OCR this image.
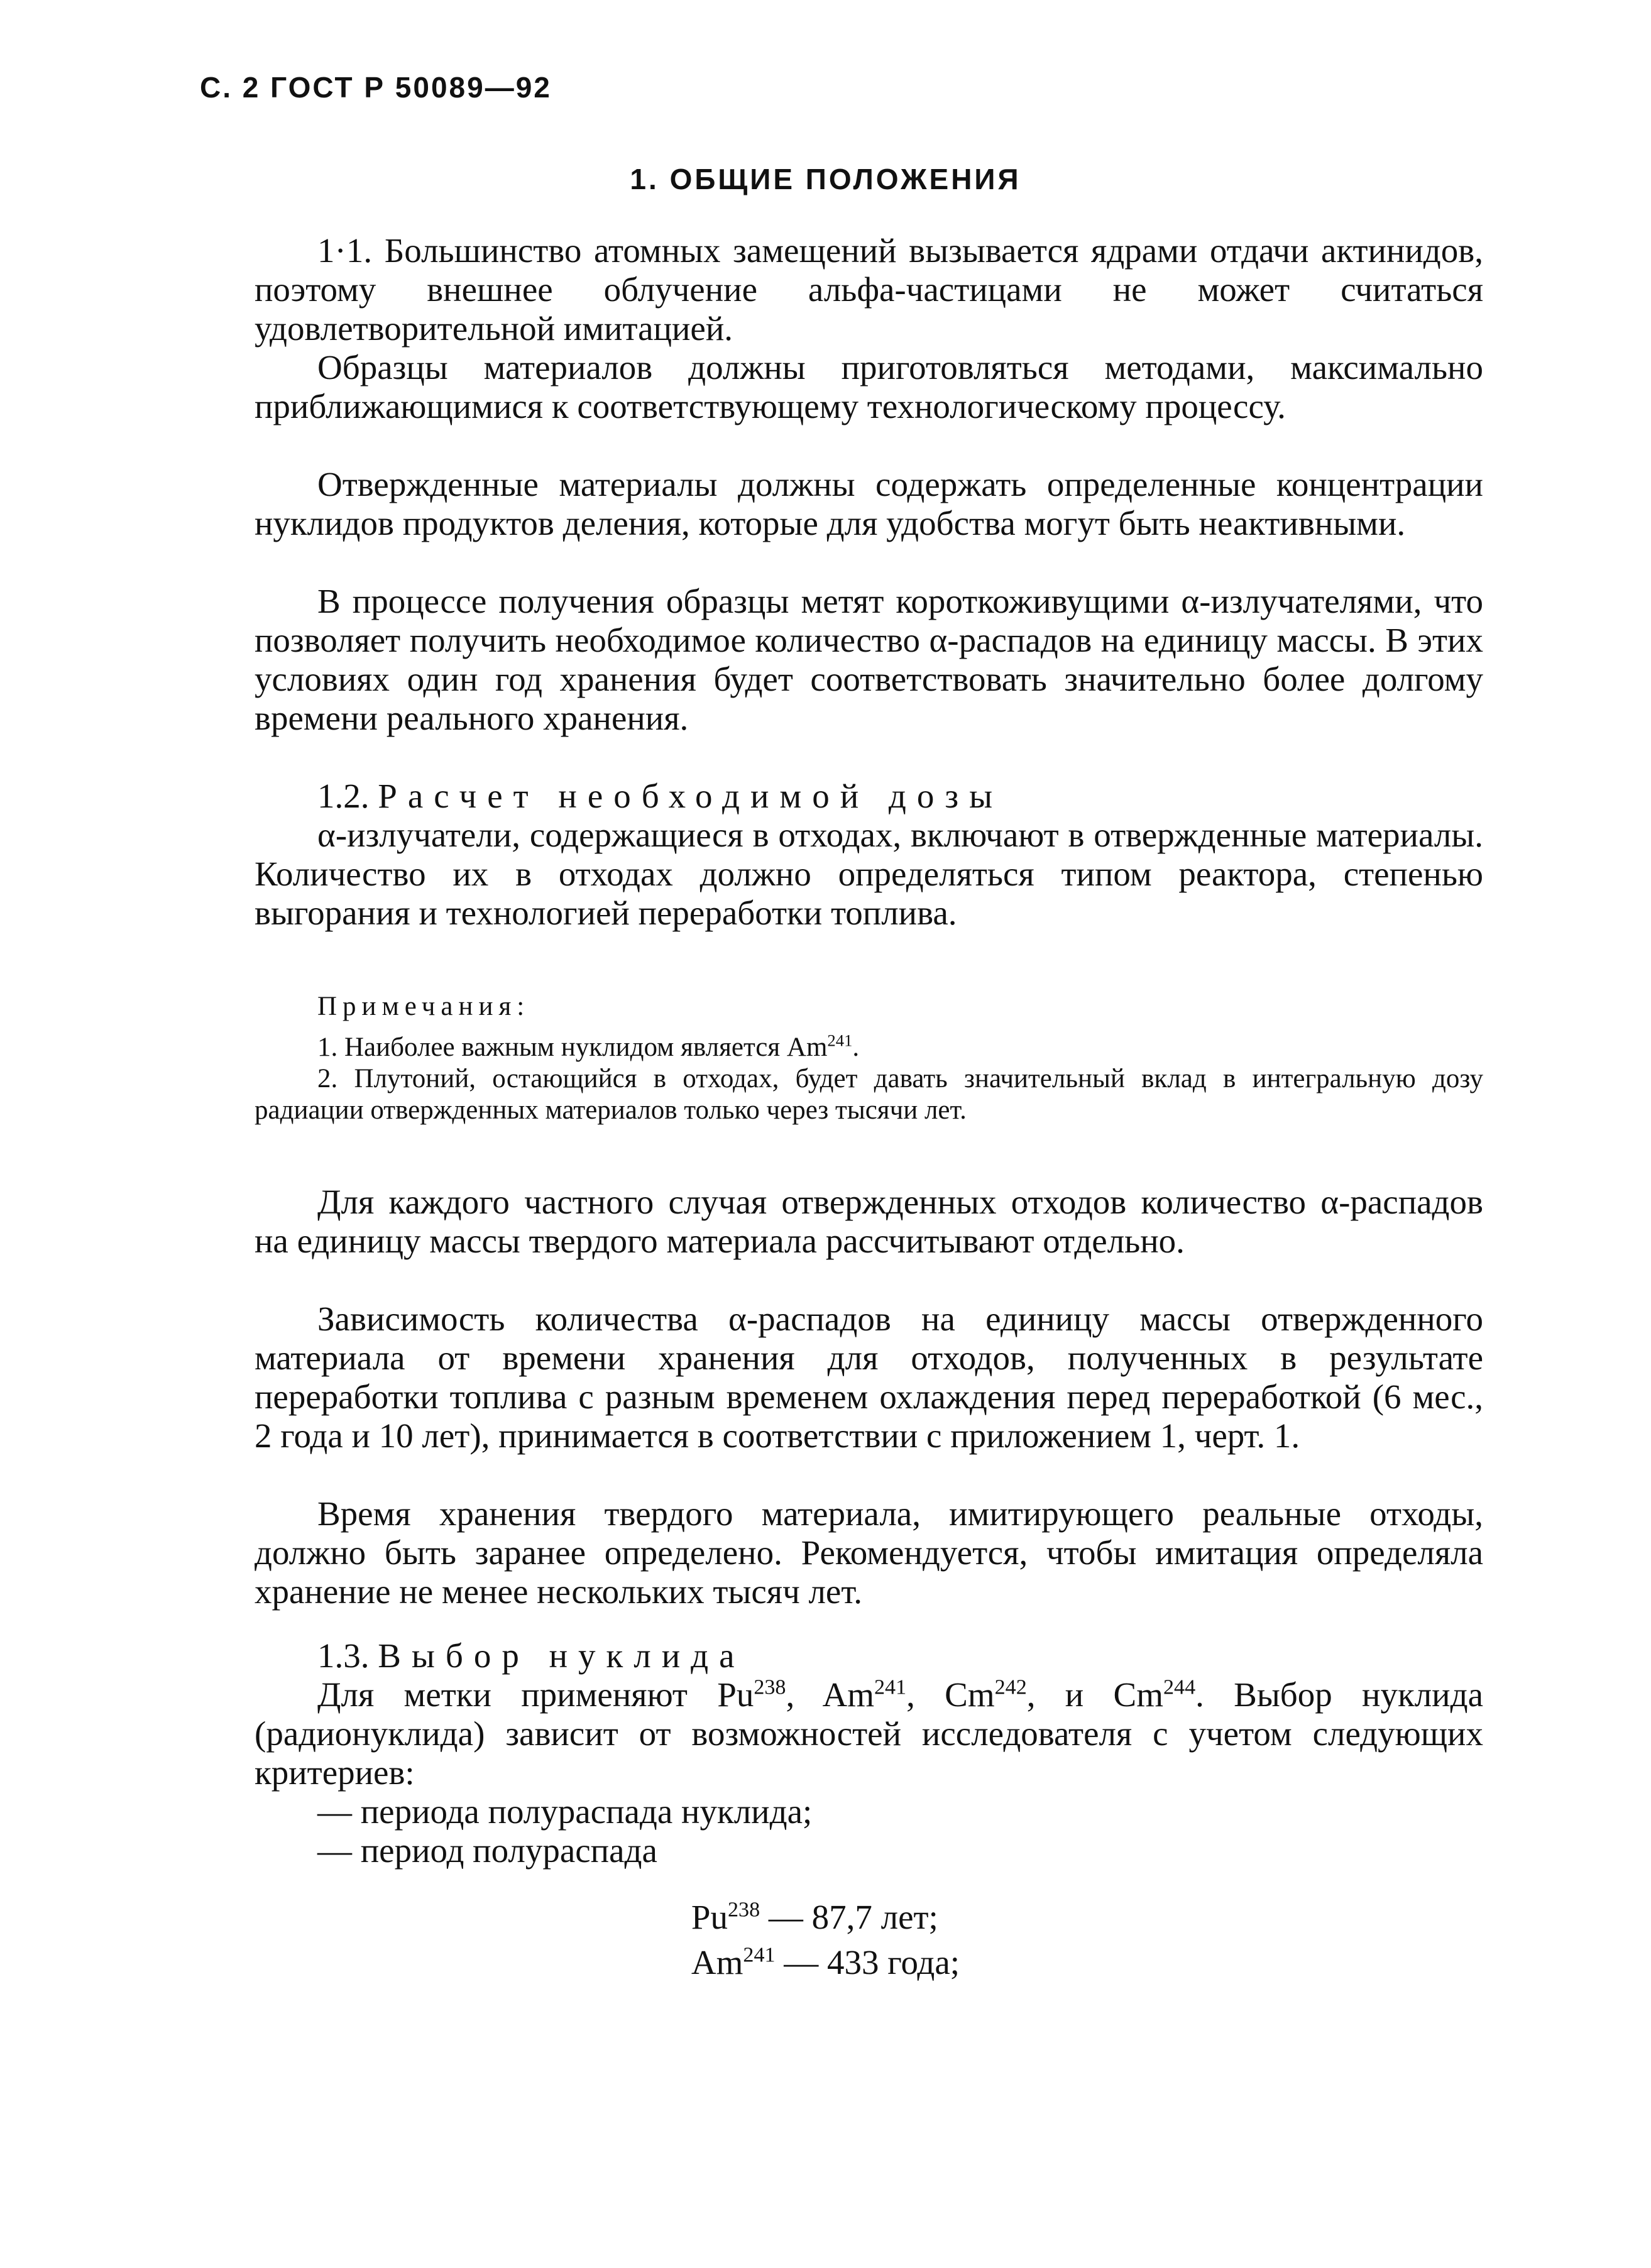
С. 2 ГОСТ Р 50089—92
1. ОБЩИЕ ПОЛОЖЕНИЯ

1·1. Большинство атомных замещений вызывается ядрами отдачи актинидов, поэтому внешнее облучение альфа-частицами не может считаться удовлетворительной имитацией.

Образцы материалов должны приготовляться методами, максимально приближающимися к соответствующему технологическому процессу.

Отвержденные материалы должны содержать определенные концентрации нуклидов продуктов деления, которые для удобства могут быть неактивными.

В процессе получения образцы метят короткоживущими α-излучателями, что позволяет получить необходимое количество α-распадов на единицу массы. В этих условиях один год хранения будет соответствовать значительно более долгому времени реального хранения.

1.2. Расчет необходимой дозы

α-излучатели, содержащиеся в отходах, включают в отвержденные материалы. Количество их в отходах должно определяться типом реактора, степенью выгорания и технологией переработки топлива.

Примечания:

1. Наиболее важным нуклидом является Am$^{241}$.

2. Плутоний, остающийся в отходах, будет давать значительный вклад в интегральную дозу радиации отвержденных материалов только через тысячи лет.

Для каждого частного случая отвержденных отходов количество α-распадов на единицу массы твердого материала рассчитывают отдельно.

Зависимость количества α-распадов на единицу массы отвержденного материала от времени хранения для отходов, полученных в результате переработки топлива с разным временем охлаждения перед переработкой (6 мес., 2 года и 10 лет), принимается в соответствии с приложением 1, черт. 1.

Время хранения твердого материала, имитирующего реальные отходы, должно быть заранее определено. Рекомендуется, чтобы имитация определяла хранение не менее нескольких тысяч лет.

1.3. Выбор нуклида

Для метки применяют Pu$^{238}$, Am$^{241}$, Cm$^{242}$, и Cm$^{244}$. Выбор нуклида (радионуклида) зависит от возможностей исследователя с учетом следующих критериев:

— периода полураспада нуклида;
— период полураспада
Pu$^{238}$ — 87,7 лет;
Am$^{241}$ — 433 года;
